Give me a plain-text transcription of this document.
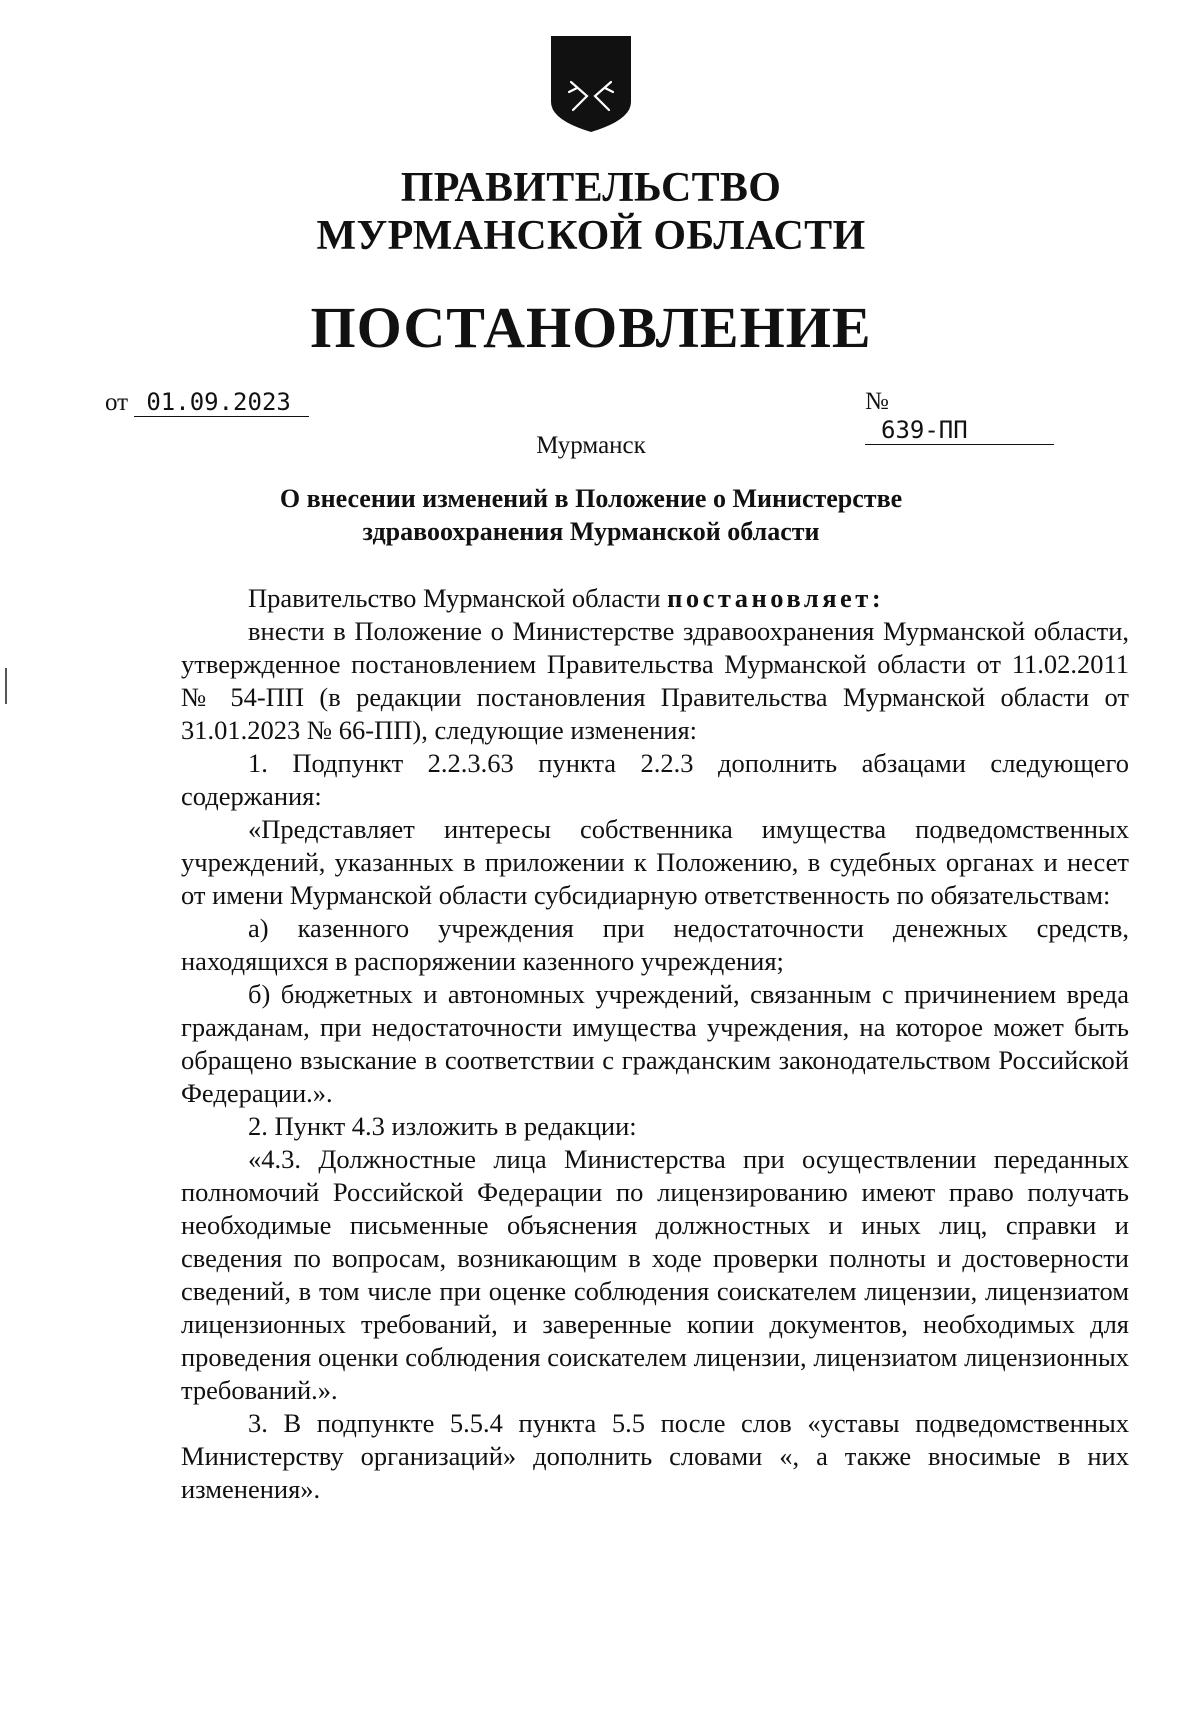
ПРАВИТЕЛЬСТВО
МУРМАНСКОЙ ОБЛАСТИ
ПОСТАНОВЛЕНИЕ
от 01.09.2023	№ 639-ПП
Мурманск
О внесении изменений в Положение о Министерстве
здравоохранения Мурманской области

Правительство Мурманской области постановляет:

внести в Положение о Министерстве здравоохранения Мурманской области, утвержденное постановлением Правительства Мурманской области от 11.02.2011 № 54-ПП (в редакции постановления Правительства Мурманской области от 31.01.2023 № 66-ПП), следующие изменения:

1. Подпункт 2.2.3.63 пункта 2.2.3 дополнить абзацами следующего содержания:

«Представляет интересы собственника имущества подведомственных учреждений, указанных в приложении к Положению, в судебных органах и несет от имени Мурманской области субсидиарную ответственность по обязательствам:

а) казенного учреждения при недостаточности денежных средств, находящихся в распоряжении казенного учреждения;

б) бюджетных и автономных учреждений, связанным с причинением вреда гражданам, при недостаточности имущества учреждения, на которое может быть обращено взыскание в соответствии с гражданским законодательством Российской Федерации.».

2. Пункт 4.3 изложить в редакции:

«4.3. Должностные лица Министерства при осуществлении переданных полномочий Российской Федерации по лицензированию имеют право получать необходимые письменные объяснения должностных и иных лиц, справки и сведения по вопросам, возникающим в ходе проверки полноты и достоверности сведений, в том числе при оценке соблюдения соискателем лицензии, лицензиатом лицензионных требований, и заверенные копии документов, необходимых для проведения оценки соблюдения соискателем лицензии, лицензиатом лицензионных требований.».

3. В подпункте 5.5.4 пункта 5.5 после слов «уставы подведомственных Министерству организаций» дополнить словами «, а также вносимые в них изменения».
